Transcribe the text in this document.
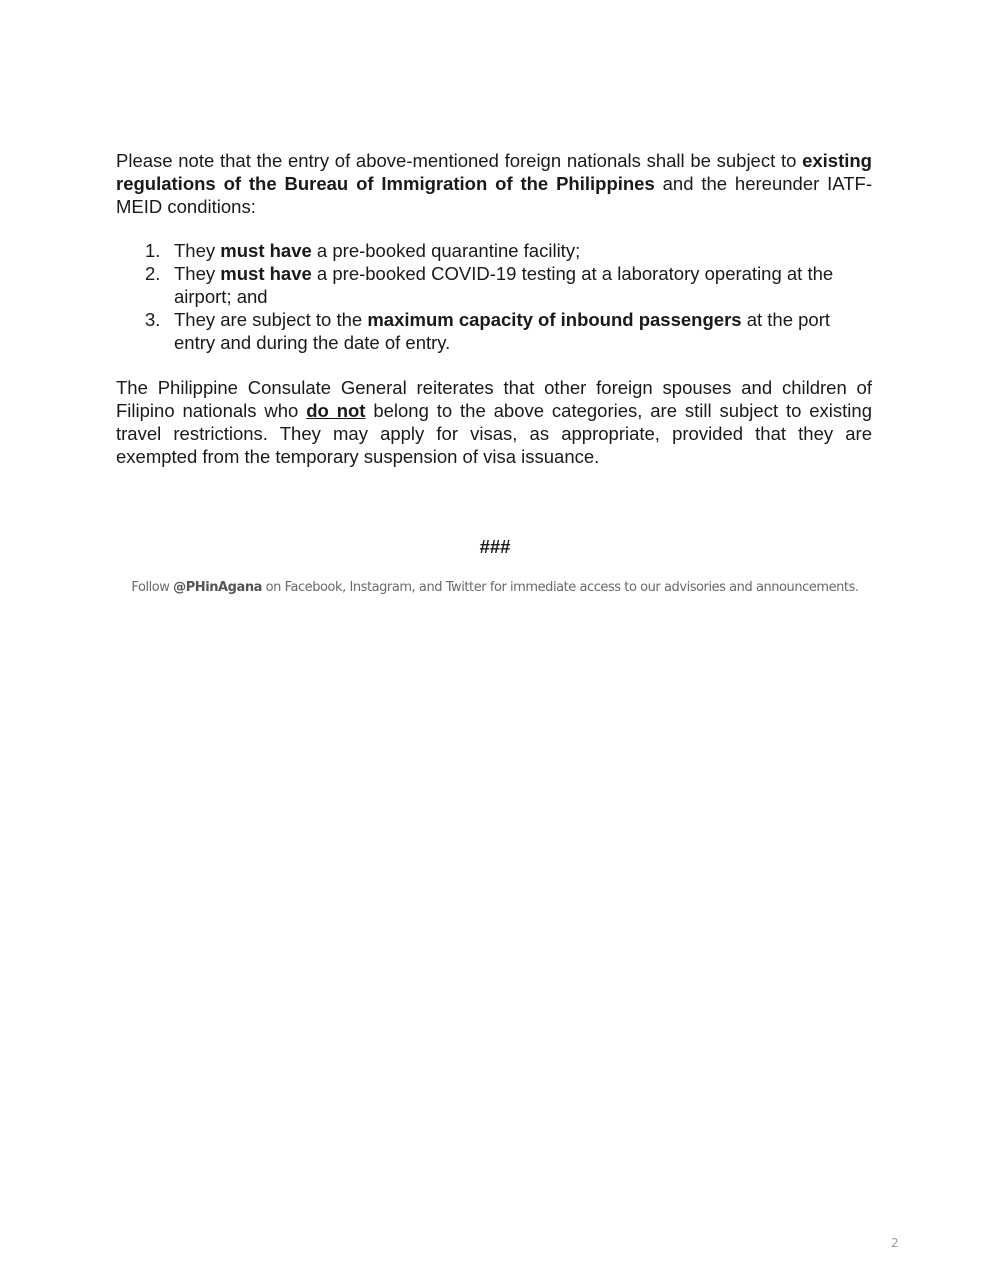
Please note that the entry of above-mentioned foreign nationals shall be subject to existing regulations of the Bureau of Immigration of the Philippines and the hereunder IATF-MEID conditions:

1. They must have a pre-booked quarantine facility;
2. They must have a pre-booked COVID-19 testing at a laboratory operating at the airport; and
3. They are subject to the maximum capacity of inbound passengers at the port entry and during the date of entry.

The Philippine Consulate General reiterates that other foreign spouses and children of Filipino nationals who do not belong to the above categories, are still subject to existing travel restrictions. They may apply for visas, as appropriate, provided that they are exempted from the temporary suspension of visa issuance.

###
Follow @PHinAgana on Facebook, Instagram, and Twitter for immediate access to our advisories and announcements.
2
